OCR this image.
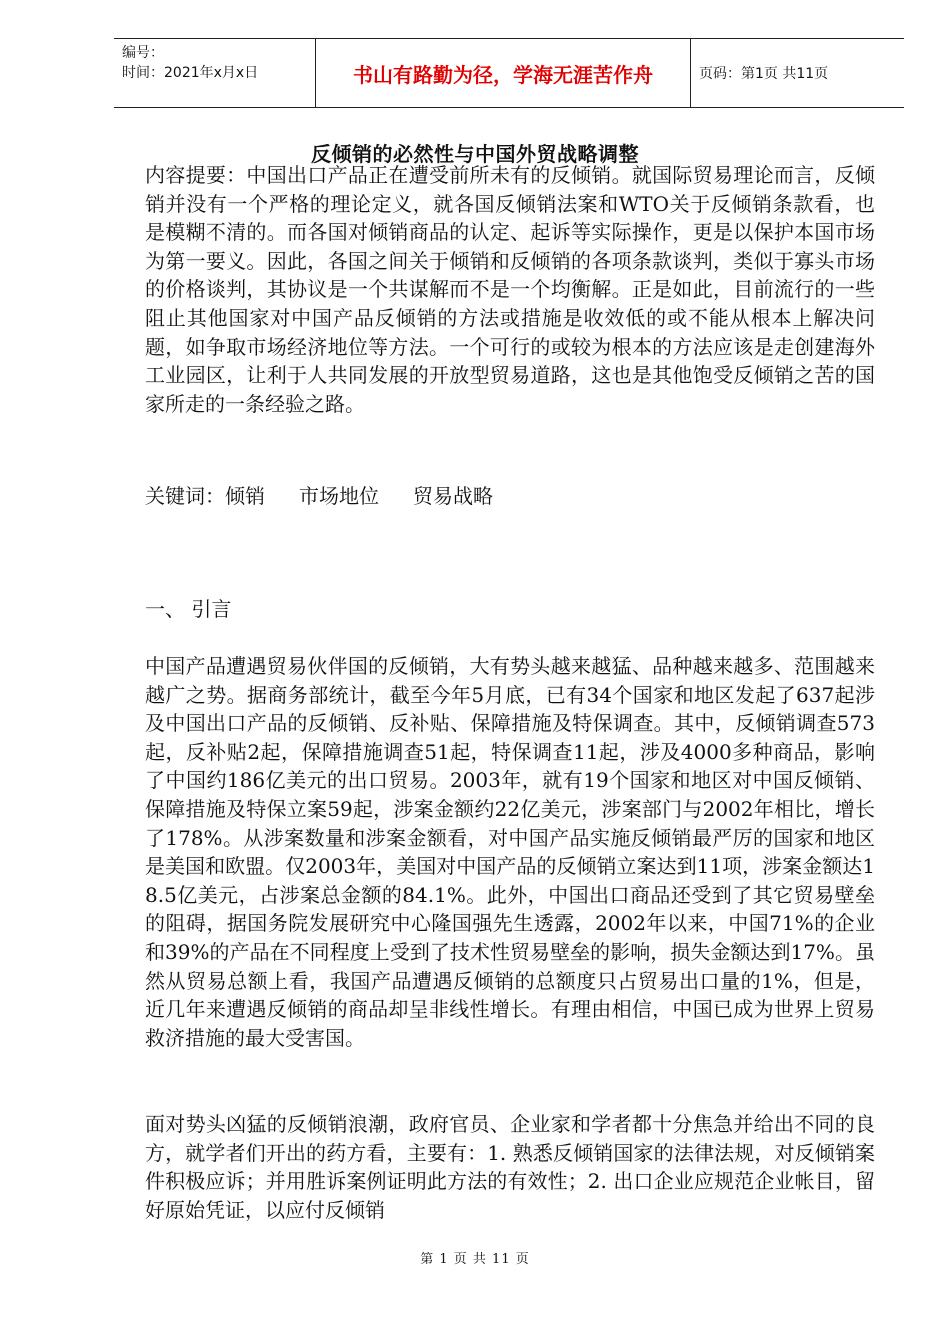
编号：
时间：2021年x月x日	书山有路勤为径，学海无涯苦作舟	页码：第1页 共11页
反倾销的必然性与中国外贸战略调整

内容提要：中国出口产品正在遭受前所未有的反倾销。就国际贸易理论而言，反倾销并没有一个严格的理论定义，就各国反倾销法案和WTO关于反倾销条款看，也是模糊不清的。而各国对倾销商品的认定、起诉等实际操作，更是以保护本国市场为第一要义。因此，各国之间关于倾销和反倾销的各项条款谈判，类似于寡头市场的价格谈判，其协议是一个共谋解而不是一个均衡解。正是如此，目前流行的一些阻止其他国家对中国产品反倾销的方法或措施是收效低的或不能从根本上解决问题，如争取市场经济地位等方法。一个可行的或较为根本的方法应该是走创建海外工业园区，让利于人共同发展的开放型贸易道路，这也是其他饱受反倾销之苦的国家所走的一条经验之路。

关键词：倾销 市场地位 贸易战略

一、 引言

中国产品遭遇贸易伙伴国的反倾销，大有势头越来越猛、品种越来越多、范围越来越广之势。据商务部统计，截至今年5月底，已有34个国家和地区发起了637起涉及中国出口产品的反倾销、反补贴、保障措施及特保调查。其中，反倾销调查573起，反补贴2起，保障措施调查51起，特保调查11起，涉及4000多种商品，影响了中国约186亿美元的出口贸易。2003年，就有19个国家和地区对中国反倾销、保障措施及特保立案59起，涉案金额约22亿美元，涉案部门与2002年相比，增长了178%。从涉案数量和涉案金额看，对中国产品实施反倾销最严厉的国家和地区是美国和欧盟。仅2003年，美国对中国产品的反倾销立案达到11项，涉案金额达18.5亿美元，占涉案总金额的84.1%。此外，中国出口商品还受到了其它贸易壁垒的阻碍，据国务院发展研究中心隆国强先生透露，2002年以来，中国71%的企业和39%的产品在不同程度上受到了技术性贸易壁垒的影响，损失金额达到17%。虽然从贸易总额上看，我国产品遭遇反倾销的总额度只占贸易出口量的1%，但是，近几年来遭遇反倾销的商品却呈非线性增长。有理由相信，中国已成为世界上贸易救济措施的最大受害国。

面对势头凶猛的反倾销浪潮，政府官员、企业家和学者都十分焦急并给出不同的良方，就学者们开出的药方看，主要有：1. 熟悉反倾销国家的法律法规，对反倾销案件积极应诉；并用胜诉案例证明此方法的有效性；2. 出口企业应规范企业帐目，留好原始凭证，以应付反倾销

第 1 页 共 11 页
